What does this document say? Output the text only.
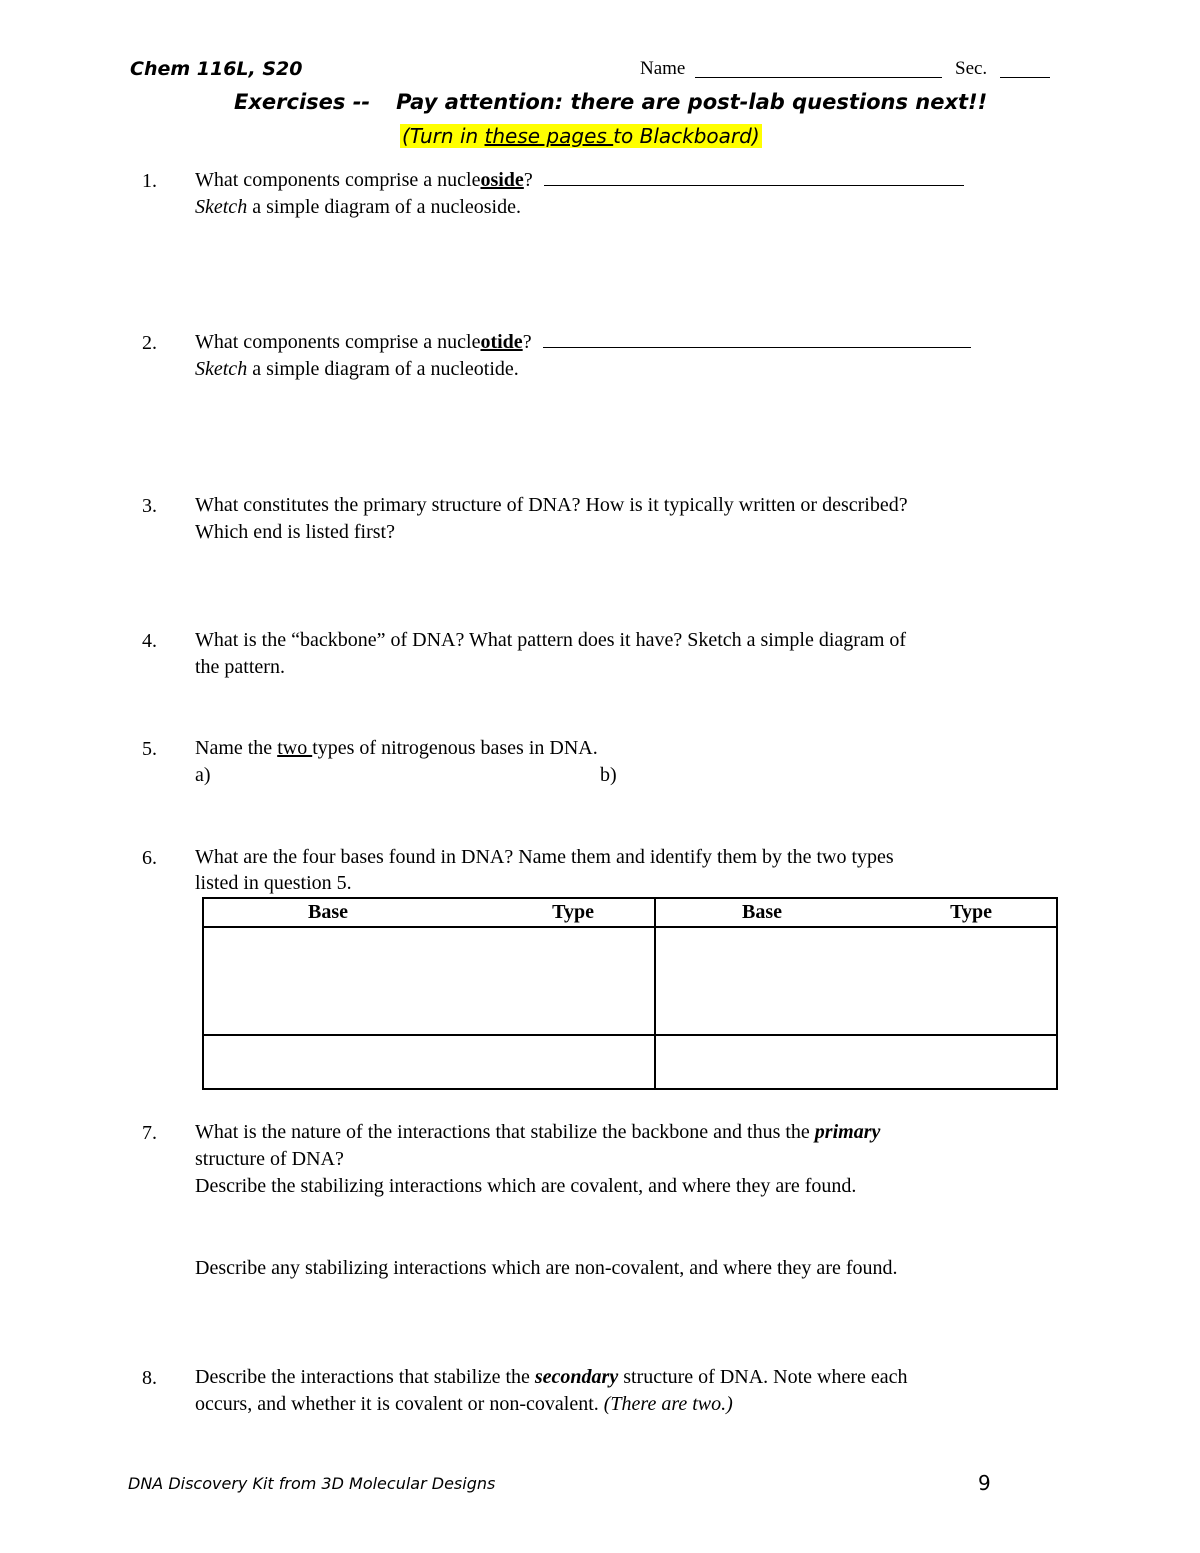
Chem 116L, S20	Name	Sec.
Exercises -- Pay attention: there are post-lab questions next!!
(Turn in these pages to Blackboard)
1. What components comprise a nucleoside?
Sketch a simple diagram of a nucleoside.
2. What components comprise a nucleotide?
Sketch a simple diagram of a nucleotide.
3. What constitutes the primary structure of DNA? How is it typically written or described?
Which end is listed first?
4. What is the “backbone” of DNA? What pattern does it have? Sketch a simple diagram of
the pattern.
5. Name the two types of nitrogenous bases in DNA.
a)	b)
6. What are the four bases found in DNA? Name them and identify them by the two types
listed in question 5.
Base Type	Base Type

7. What is the nature of the interactions that stabilize the backbone and thus the primary
structure of DNA?
Describe the stabilizing interactions which are covalent, and where they are found.
Describe any stabilizing interactions which are non-covalent, and where they are found.
8. Describe the interactions that stabilize the secondary structure of DNA. Note where each
occurs, and whether it is covalent or non-covalent. (There are two.)
DNA Discovery Kit from 3D Molecular Designs	9
